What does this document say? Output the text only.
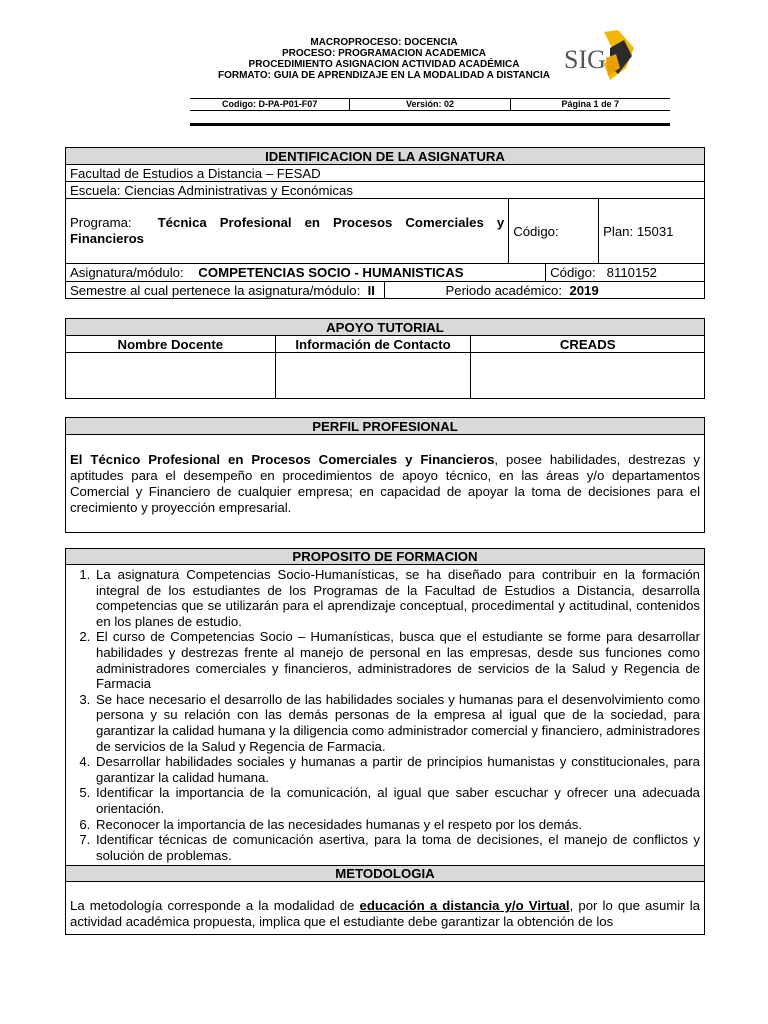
MACROPROCESO: DOCENCIA
PROCESO: PROGRAMACION ACADEMICA
PROCEDIMIENTO ASIGNACION ACTIVIDAD ACADÉMICA
FORMATO: GUIA DE APRENDIZAJE EN LA MODALIDAD A DISTANCIA
SIG
.
Codigo: D-PA-P01-F07	Versión: 02	Página 1 de 7
IDENTIFICACION DE LA ASIGNATURA				
Facultad de Estudios a Distancia – FESAD				
Escuela: Ciencias Administrativas y Económicas				
Programa: Técnica Profesional en Procesos Comerciales y Financieros		Código:		Plan: 15031
Asignatura/módulo: COMPETENCIAS SOCIO - HUMANISTICAS			Código: 8110152	
Semestre al cual pertenece la asignatura/módulo: II	Periodo académico: 2019			
APOYO TUTORIAL		
Nombre Docente	Información de Contacto	CREADS

PERFIL PROFESIONAL
El Técnico Profesional en Procesos Comerciales y Financieros, posee habilidades, destrezas y aptitudes para el desempeño en procedimientos de apoyo técnico, en las áreas y/o departamentos Comercial y Financiero de cualquier empresa; en capacidad de apoyar la toma de decisiones para el crecimiento y proyección empresarial.
PROPOSITO DE FORMACION

1. La asignatura Competencias Socio-Humanísticas, se ha diseñado para contribuir en la formación integral de los estudiantes de los Programas de la Facultad de Estudios a Distancia, desarrolla competencias que se utilizarán para el aprendizaje conceptual, procedimental y actitudinal, contenidos en los planes de estudio.
2. El curso de Competencias Socio – Humanísticas, busca que el estudiante se forme para desarrollar habilidades y destrezas frente al manejo de personal en las empresas, desde sus funciones como administradores comerciales y financieros, administradores de servicios de la Salud y Regencia de Farmacia
3. Se hace necesario el desarrollo de las habilidades sociales y humanas para el desenvolvimiento como persona y su relación con las demás personas de la empresa al igual que de la sociedad, para garantizar la calidad humana y la diligencia como administrador comercial y financiero, administradores de servicios de la Salud y Regencia de Farmacia.
4. Desarrollar habilidades sociales y humanas a partir de principios humanistas y constitucionales, para garantizar la calidad humana.
5. Identificar la importancia de la comunicación, al igual que saber escuchar y ofrecer una adecuada orientación.
6. Reconocer la importancia de las necesidades humanas y el respeto por los demás.
7. Identificar técnicas de comunicación asertiva, para la toma de decisiones, el manejo de conflictos y solución de problemas.

METODOLOGIA
La metodología corresponde a la modalidad de educación a distancia y/o Virtual, por lo que asumir la actividad académica propuesta, implica que el estudiante debe garantizar la obtención de los
